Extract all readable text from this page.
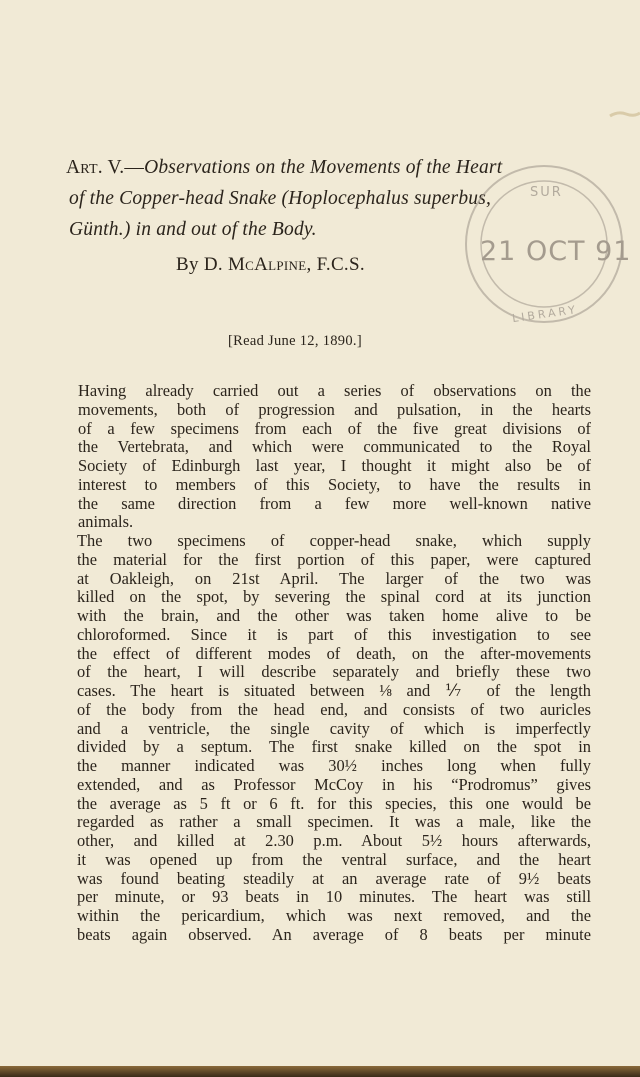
Art. V.—Observations on the Movements of the Heart
of the Copper-head Snake (Hoplocephalus superbus,
Günth.) in and out of the Body.
By D. McAlpine, F.C.S.
[Read June 12, 1890.]
SUR
21 OCT 91
LIBRARY

Having already carried out a series of observations on the
movements, both of progression and pulsation, in the hearts
of a few specimens from each of the five great divisions of
the Vertebrata, and which were communicated to the Royal
Society of Edinburgh last year, I thought it might also be of
interest to members of this Society, to have the results in
the same direction from a few more well-known native
animals.

The two specimens of copper-head snake, which supply
the material for the first portion of this paper, were captured
at Oakleigh, on 21st April. The larger of the two was
killed on the spot, by severing the spinal cord at its junction
with the brain, and the other was taken home alive to be
chloroformed. Since it is part of this investigation to see
the effect of different modes of death, on the after-movements
of the heart, I will describe separately and briefly these two
cases. The heart is situated between ⅛ and ⅐ of the length
of the body from the head end, and consists of two auricles
and a ventricle, the single cavity of which is imperfectly
divided by a septum. The first snake killed on the spot in
the manner indicated was 30½ inches long when fully
extended, and as Professor McCoy in his “Prodromus” gives
the average as 5 ft or 6 ft. for this species, this one would be
regarded as rather a small specimen. It was a male, like the
other, and killed at 2.30 p.m. About 5½ hours afterwards,
it was opened up from the ventral surface, and the heart
was found beating steadily at an average rate of 9½ beats
per minute, or 93 beats in 10 minutes. The heart was still
within the pericardium, which was next removed, and the
beats again observed. An average of 8 beats per minute
